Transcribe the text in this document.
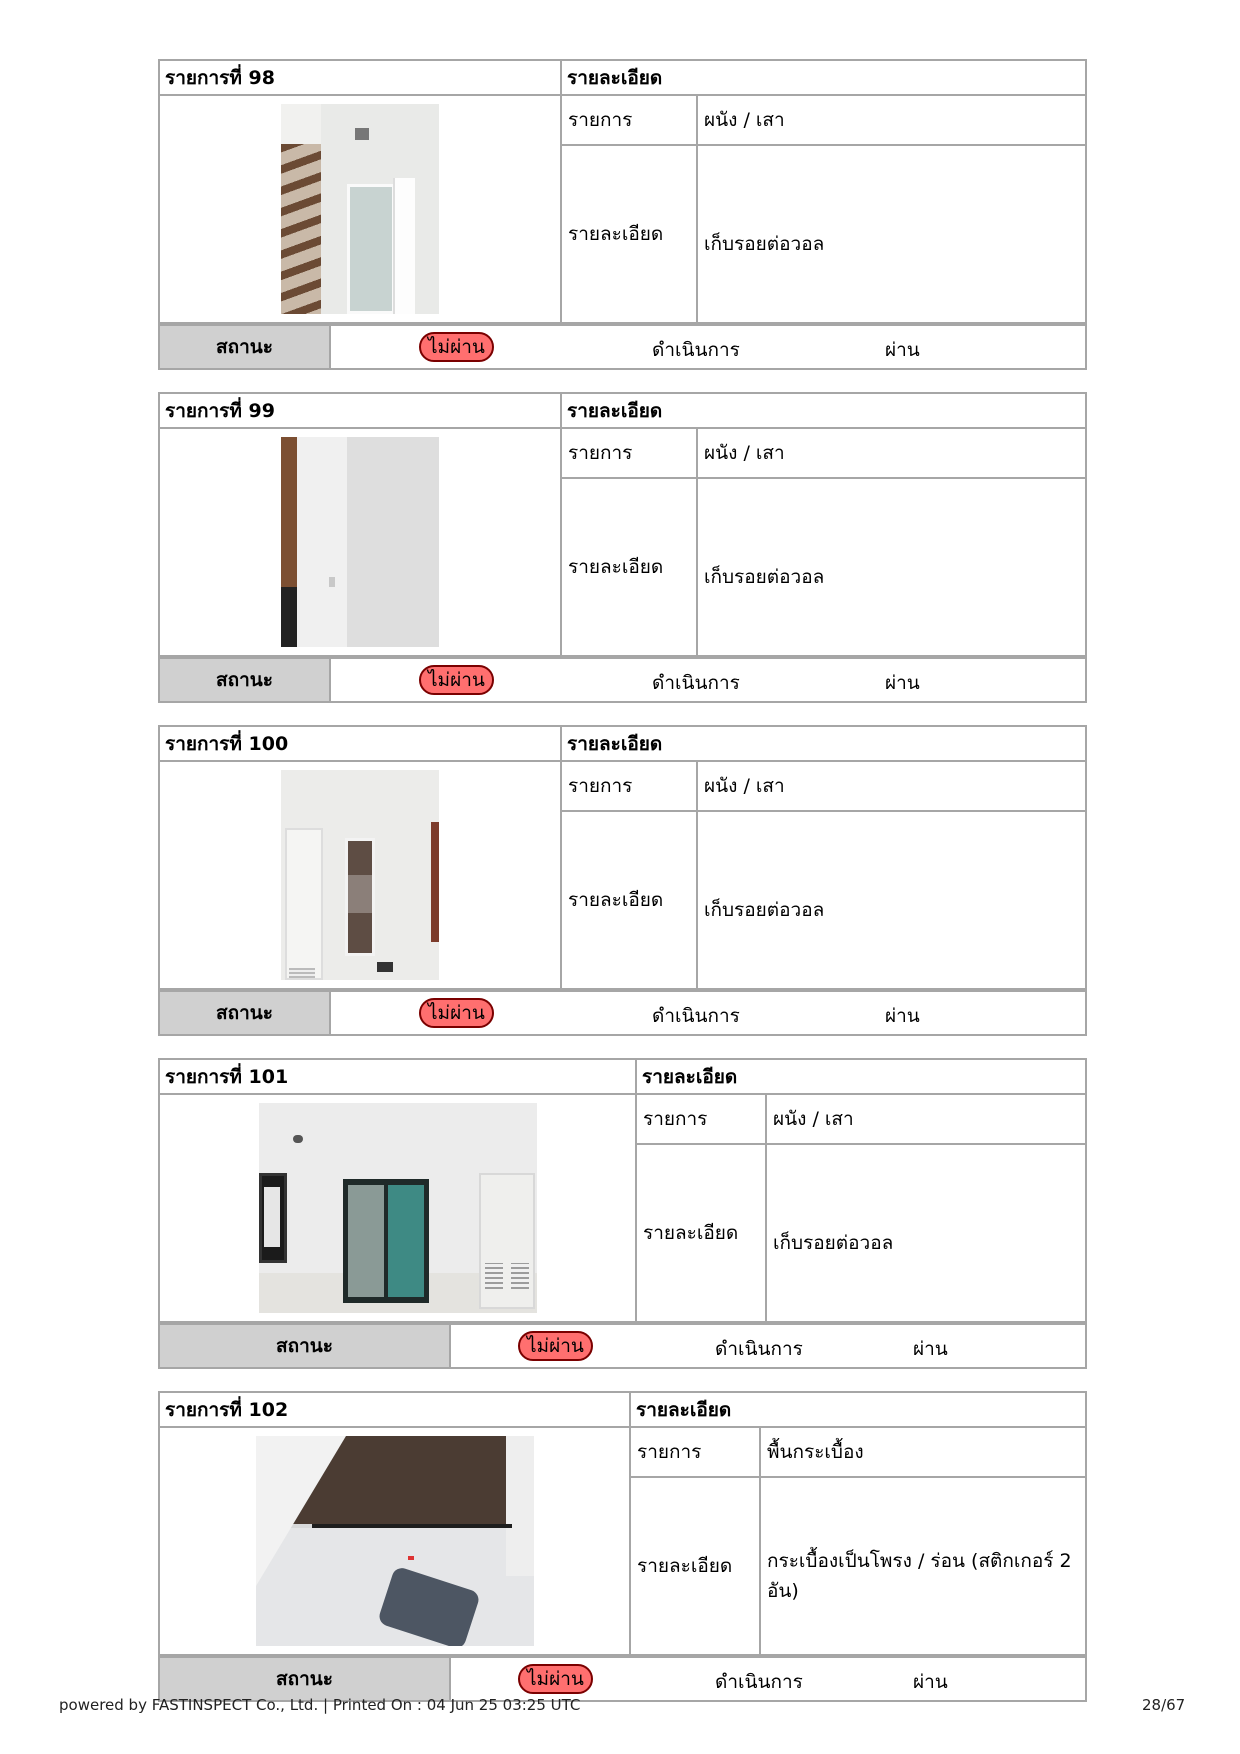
รายการที่ 98	รายละเอียด	

	รายการ	ผนัง / เสา
	รายละเอียด	เก็บรอยต่อวอล
สถานะ	ไม่ผ่าน	ดำเนินการ	ผ่าน
รายการที่ 99	รายละเอียด	

	รายการ	ผนัง / เสา
	รายละเอียด	เก็บรอยต่อวอล
สถานะ	ไม่ผ่าน	ดำเนินการ	ผ่าน
รายการที่ 100	รายละเอียด	

	รายการ	ผนัง / เสา
	รายละเอียด	เก็บรอยต่อวอล
สถานะ	ไม่ผ่าน	ดำเนินการ	ผ่าน
รายการที่ 101	รายละเอียด	

	รายการ	ผนัง / เสา
	รายละเอียด	เก็บรอยต่อวอล
สถานะ	ไม่ผ่าน	ดำเนินการ	ผ่าน
รายการที่ 102	รายละเอียด	

	รายการ	พื้นกระเบื้อง
	รายละเอียด	กระเบื้องเป็นโพรง / ร่อน (สติกเกอร์ 2 อัน)
สถานะ	ไม่ผ่าน	ดำเนินการ	ผ่าน
powered by FASTINSPECT Co., Ltd. | Printed On : 04 Jun 25 03:25 UTC	28/67
